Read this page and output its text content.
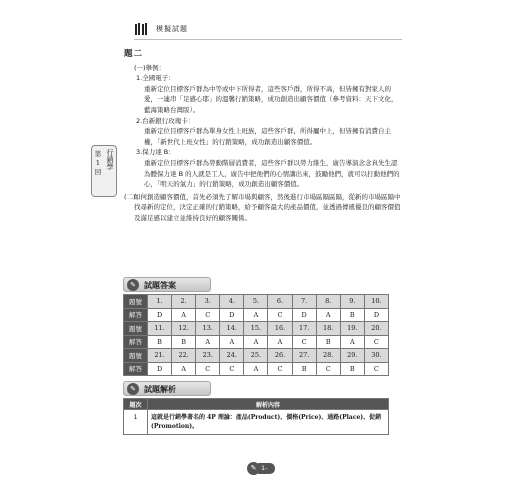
模擬試題
第1回
行銷學
題二
(一)舉例：
1.全國電子：
重新定位目標客戶群為中等或中下所得者，這些客戶群，所得不高，但皆擁有對家人的愛，一連串「足感心耶」的溫馨行銷策略，成功創造出顧客價值（參考資料：天下文化，藍海策略台灣版）。
2.台新銀行玫瑰卡：
重新定位目標客戶群為單身女性上班族，這些客戶群，所得屬中上，但皆擁有消費自主權，「新世代上班女性」的行銷策略，成功創造出顧客價值。
3.保力達 B：
重新定位目標客戶群為勞動階層消費者，這些客戶群以勞力維生，廣告導演念念真先生認為體保力達 B 的人就是工人，廣告中把他們的心情講出來，鼓勵他們，就可以打動他們的心，「明天的氣力」的行銷策略，成功創造出顧客價值。
(二)
如何創造顧客價值，首先必須先了解市場與顧客，然後進行市場區隔區隔，從新的市場區隔中找尋新的定位，決定正確的行銷策略，給予顧客最大的產品價值，並透過傳遞優良的顧客價值及滿足感以建立並維持良好的顧客關係。
✎	試題答案
題號	1.	2.	3.	4.	5.	6.	7.	8.	9.	10.
解答	D	A	C	D	A	C	D	A	B	D
題號	11.	12.	13.	14.	15.	16.	17.	18.	19.	20.
解答	B	B	A	A	A	A	C	B	A	C
題號	21.	22.	23.	24.	25.	26.	27.	28.	29.	30.
解答	D	A	C	C	A	C	B	C	B	C
✎	試題解析
題次	解析內容
1	這就是行銷學著名的 4P 理論：產品(Product)、價格(Price)、通路(Place)、促銷(Promotion)。
1-32
✎
